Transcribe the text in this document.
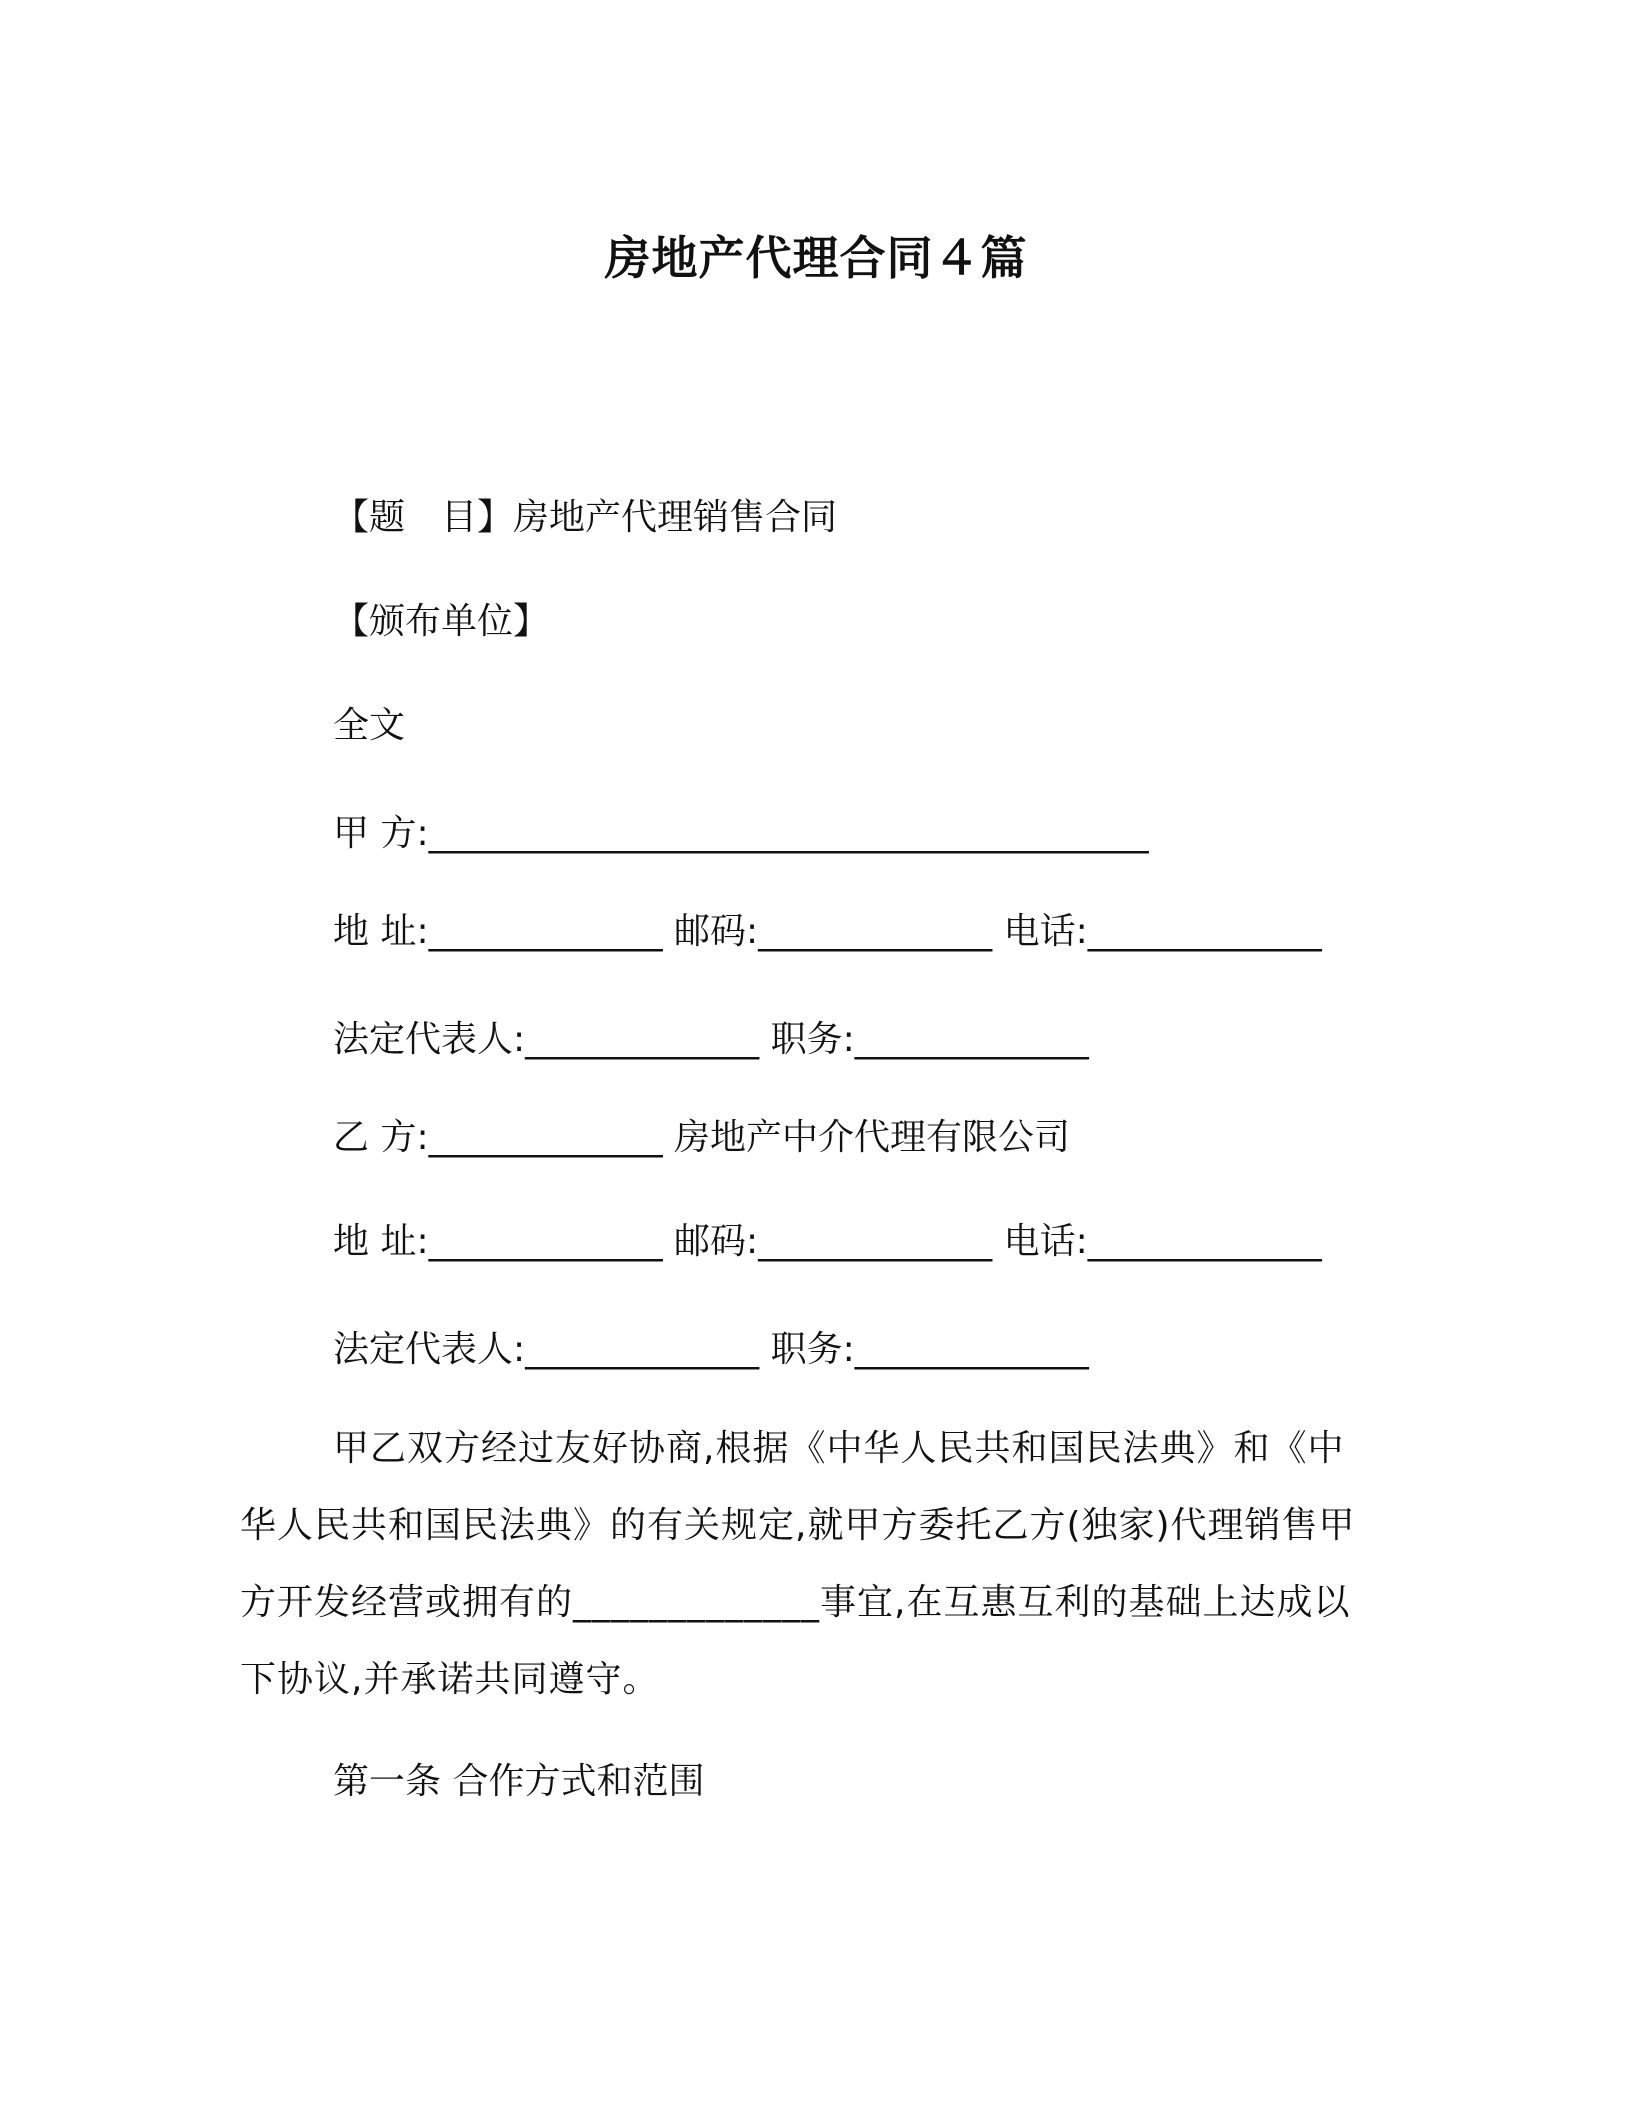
房地产代理合同４篇

【题　目】房地产代理销售合同

【颁布单位】

全文

甲 方:________________________________________

地 址:_____________ 邮码:_____________ 电话:_____________

法定代表人:_____________ 职务:_____________

乙 方:_____________ 房地产中介代理有限公司

地 址:_____________ 邮码:_____________ 电话:_____________

法定代表人:_____________ 职务:_____________

甲乙双方经过友好协商,根据《中华人民共和国民法典》和《中华人民共和国民法典》的有关规定,就甲方委托乙方(独家)代理销售甲方开发经营或拥有的_____________事宜,在互惠互利的基础上达成以下协议,并承诺共同遵守。

第一条 合作方式和范围
